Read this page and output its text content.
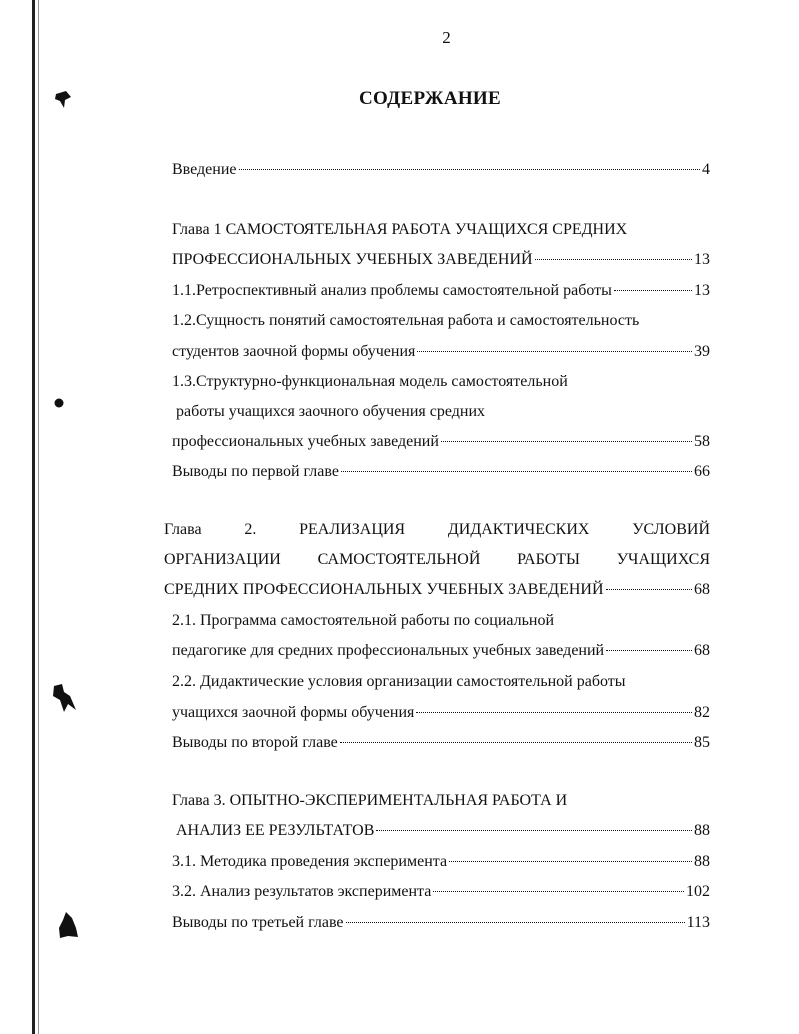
2
СОДЕРЖАНИЕ
Введение	4
Глава 1 САМОСТОЯТЕЛЬНАЯ РАБОТА УЧАЩИХСЯ СРЕДНИХ
ПРОФЕССИОНАЛЬНЫХ УЧЕБНЫХ ЗАВЕДЕНИЙ	13
1.1.Ретроспективный анализ проблемы самостоятельной работы	13
1.2.Сущность понятий самостоятельная работа и самостоятельность
студентов заочной формы обучения	39
1.3.Структурно-функциональная модель самостоятельной
работы учащихся заочного обучения средних
профессиональных учебных заведений	58
Выводы по первой главе	66
Глава 2. РЕАЛИЗАЦИЯ ДИДАКТИЧЕСКИХ УСЛОВИЙ
ОРГАНИЗАЦИИ САМОСТОЯТЕЛЬНОЙ РАБОТЫ УЧАЩИХСЯ
СРЕДНИХ ПРОФЕССИОНАЛЬНЫХ УЧЕБНЫХ ЗАВЕДЕНИЙ	68
2.1. Программа самостоятельной работы по социальной
педагогике для средних профессиональных учебных заведений	68
2.2. Дидактические условия организации самостоятельной работы
учащихся заочной формы обучения	82
Выводы по второй главе	85
Глава 3. ОПЫТНО-ЭКСПЕРИМЕНТАЛЬНАЯ РАБОТА И
АНАЛИЗ ЕЕ РЕЗУЛЬТАТОВ	88
3.1. Методика проведения эксперимента	88
3.2. Анализ результатов эксперимента	102
Выводы по третьей главе	113
